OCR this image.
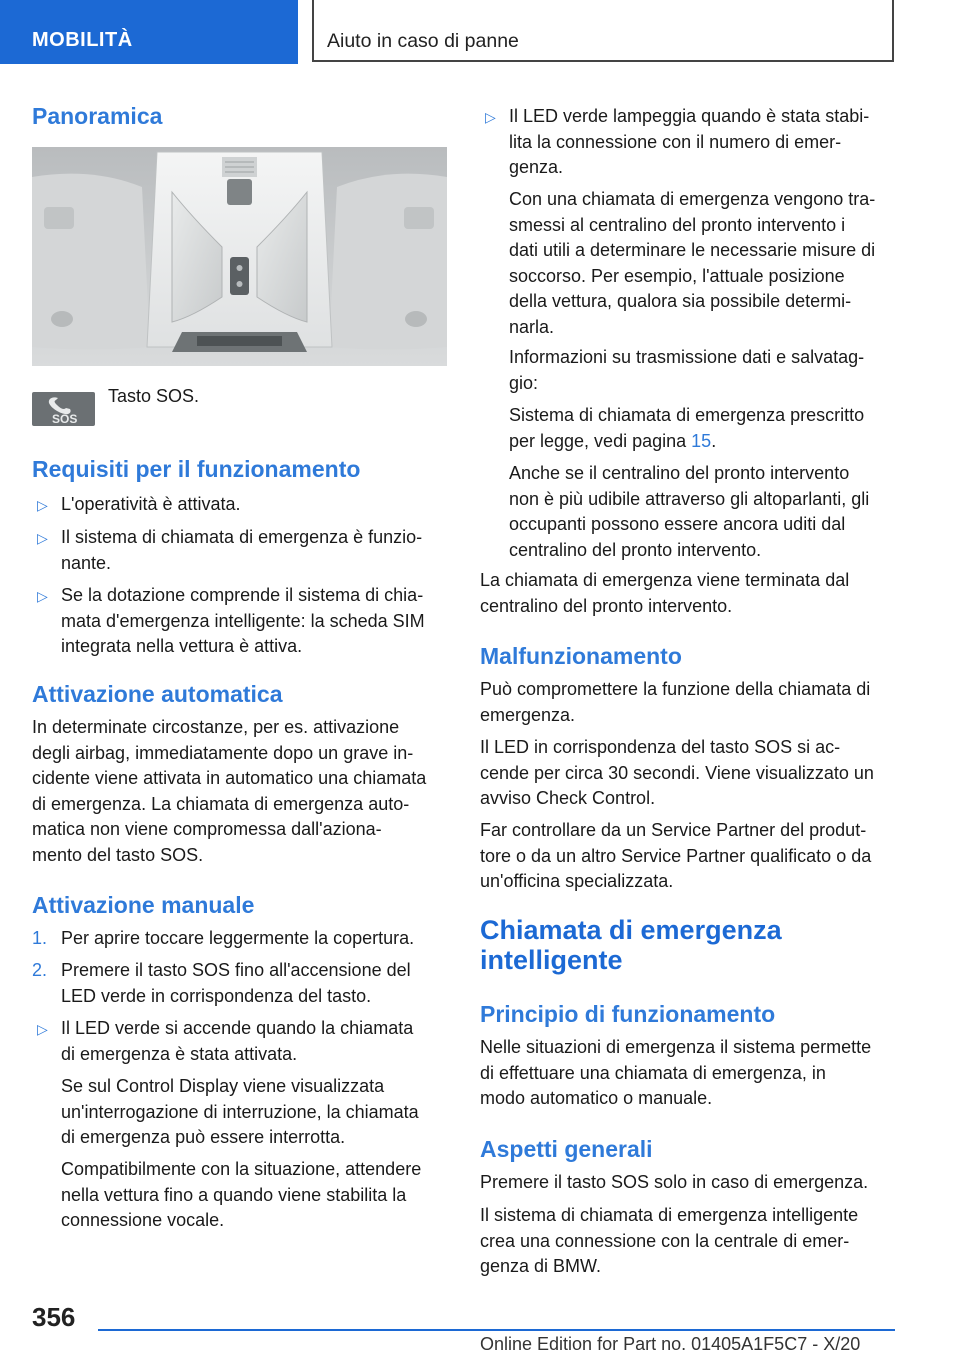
MOBILITÀ	Aiuto in caso di panne
Panoramica
SOS

Tasto SOS.

Requisiti per il funzionamento
▷ L'operatività è attivata.

▷ Il sistema di chiamata di emergenza è funzio-
nante.

▷ Se la dotazione comprende il sistema di chia-
mata d'emergenza intelligente: la scheda SIM
integrata nella vettura è attiva.

Attivazione automatica

In determinate circostanze, per es. attivazione
degli airbag, immediatamente dopo un grave in-
cidente viene attivata in automatico una chiamata
di emergenza. La chiamata di emergenza auto-
matica non viene compromessa dall'aziona-
mento del tasto SOS.

Attivazione manuale
1. Per aprire toccare leggermente la copertura.

2. Premere il tasto SOS fino all'accensione del
LED verde in corrispondenza del tasto.

▷ Il LED verde si accende quando la chiamata
di emergenza è stata attivata.

Se sul Control Display viene visualizzata
un'interrogazione di interruzione, la chiamata
di emergenza può essere interrotta.

Compatibilmente con la situazione, attendere
nella vettura fino a quando viene stabilita la
connessione vocale.

▷ Il LED verde lampeggia quando è stata stabi-
lita la connessione con il numero di emer-
genza.

Con una chiamata di emergenza vengono tra-
smessi al centralino del pronto intervento i
dati utili a determinare le necessarie misure di
soccorso. Per esempio, l'attuale posizione
della vettura, qualora sia possibile determi-
narla.

Informazioni su trasmissione dati e salvatag-
gio:

Sistema di chiamata di emergenza prescritto
per legge, vedi pagina 15.

Anche se il centralino del pronto intervento
non è più udibile attraverso gli altoparlanti, gli
occupanti possono essere ancora uditi dal
centralino del pronto intervento.

La chiamata di emergenza viene terminata dal
centralino del pronto intervento.

Malfunzionamento

Può compromettere la funzione della chiamata di
emergenza.

Il LED in corrispondenza del tasto SOS si ac-
cende per circa 30 secondi. Viene visualizzato un
avviso Check Control.

Far controllare da un Service Partner del produt-
tore o da un altro Service Partner qualificato o da
un'officina specializzata.

Chiamata di emergenza
intelligente
Principio di funzionamento

Nelle situazioni di emergenza il sistema permette
di effettuare una chiamata di emergenza, in
modo automatico o manuale.

Aspetti generali

Premere il tasto SOS solo in caso di emergenza.

Il sistema di chiamata di emergenza intelligente
crea una connessione con la centrale di emer-
genza di BMW.

356
Online Edition for Part no. 01405A1F5C7 - X/20
